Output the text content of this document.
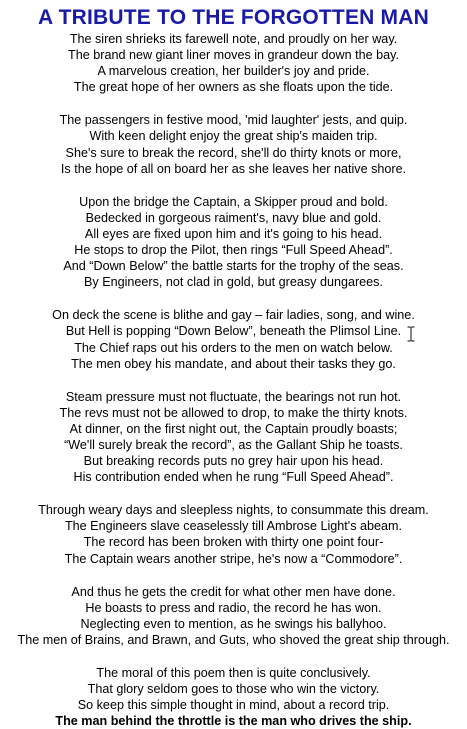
A TRIBUTE TO THE FORGOTTEN MAN
The siren shrieks its farewell note, and proudly on her way.
The brand new giant liner moves in grandeur down the bay.
A marvelous creation, her builder's joy and pride.
The great hope of her owners as she floats upon the tide.
The passengers in festive mood, 'mid laughter' jests, and quip.
With keen delight enjoy the great ship's maiden trip.
She's sure to break the record, she'll do thirty knots or more,
Is the hope of all on board her as she leaves her native shore.
Upon the bridge the Captain, a Skipper proud and bold.
Bedecked in gorgeous raiment's, navy blue and gold.
All eyes are fixed upon him and it's going to his head.
He stops to drop the Pilot, then rings “Full Speed Ahead”.
And “Down Below” the battle starts for the trophy of the seas.
By Engineers, not clad in gold, but greasy dungarees.
On deck the scene is blithe and gay – fair ladies, song, and wine.
But Hell is popping “Down Below”, beneath the Plimsol Line.
The Chief raps out his orders to the men on watch below.
The men obey his mandate, and about their tasks they go.
Steam pressure must not fluctuate, the bearings not run hot.
The revs must not be allowed to drop, to make the thirty knots.
At dinner, on the first night out, the Captain proudly boasts;
“We'll surely break the record”, as the Gallant Ship he toasts.
But breaking records puts no grey hair upon his head.
His contribution ended when he rung “Full Speed Ahead”.
Through weary days and sleepless nights, to consummate this dream.
The Engineers slave ceaselessly till Ambrose Light's abeam.
The record has been broken with thirty one point four-
The Captain wears another stripe, he's now a “Commodore”.
And thus he gets the credit for what other men have done.
He boasts to press and radio, the record he has won.
Neglecting even to mention, as he swings his ballyhoo.
The men of Brains, and Brawn, and Guts, who shoved the great ship through.
The moral of this poem then is quite conclusively.
That glory seldom goes to those who win the victory.
So keep this simple thought in mind, about a record trip.
The man behind the throttle is the man who drives the ship.
